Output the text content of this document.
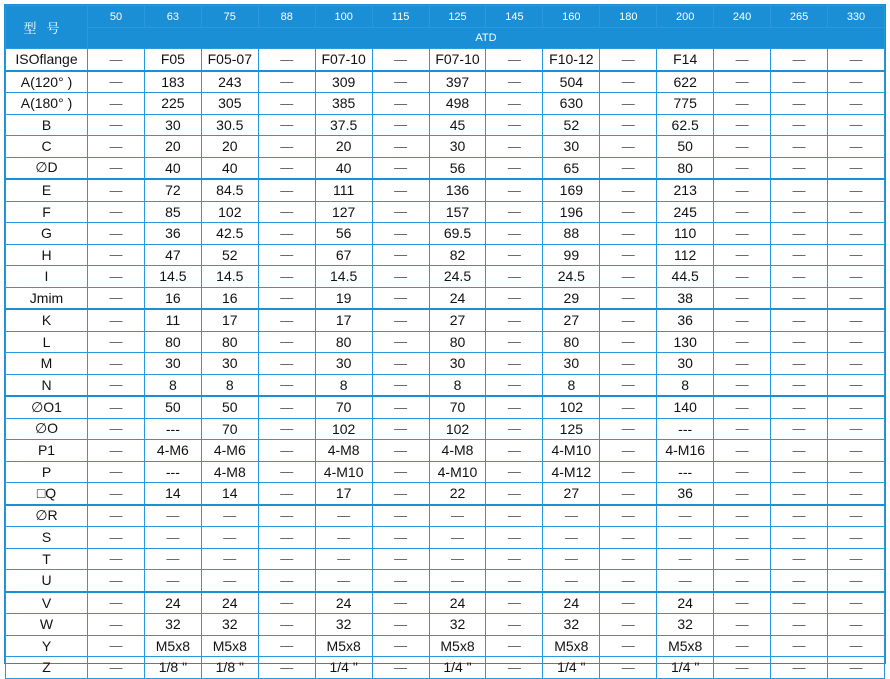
型号	50	63	75	88	100	115	125	145	160	180	200	240	265	330
	ATD													
ISOflange	—	F05	F05-07	—	F07-10	—	F07-10	—	F10-12	—	F14	—	—	—
A(120° )	—	183	243	—	309	—	397	—	504	—	622	—	—	—
A(180° )	—	225	305	—	385	—	498	—	630	—	775	—	—	—
B	—	30	30.5	—	37.5	—	45	—	52	—	62.5	—	—	—
C	—	20	20	—	20	—	30	—	30	—	50	—	—	—
∅D	—	40	40	—	40	—	56	—	65	—	80	—	—	—
E	—	72	84.5	—	111	—	136	—	169	—	213	—	—	—
F	—	85	102	—	127	—	157	—	196	—	245	—	—	—
G	—	36	42.5	—	56	—	69.5	—	88	—	110	—	—	—
H	—	47	52	—	67	—	82	—	99	—	112	—	—	—
I	—	14.5	14.5	—	14.5	—	24.5	—	24.5	—	44.5	—	—	—
Jmim	—	16	16	—	19	—	24	—	29	—	38	—	—	—
K	—	11	17	—	17	—	27	—	27	—	36	—	—	—
L	—	80	80	—	80	—	80	—	80	—	130	—	—	—
M	—	30	30	—	30	—	30	—	30	—	30	—	—	—
N	—	8	8	—	8	—	8	—	8	—	8	—	—	—
∅O1	—	50	50	—	70	—	70	—	102	—	140	—	—	—
∅O	—	---	70	—	102	—	102	—	125	—	---	—	—	—
P1	—	4-M6	4-M6	—	4-M8	—	4-M8	—	4-M10	—	4-M16	—	—	—
P	—	---	4-M8	—	4-M10	—	4-M10	—	4-M12	—	---	—	—	—
□Q	—	14	14	—	17	—	22	—	27	—	36	—	—	—
∅R	—	—	—	—	—	—	—	—	—	—	—	—	—	—
S	—	—	—	—	—	—	—	—	—	—	—	—	—	—
T	—	—	—	—	—	—	—	—	—	—	—	—	—	—
U	—	—	—	—	—	—	—	—	—	—	—	—	—	—
V	—	24	24	—	24	—	24	—	24	—	24	—	—	—
W	—	32	32	—	32	—	32	—	32	—	32	—	—	—
Y	—	M5x8	M5x8	—	M5x8	—	M5x8	—	M5x8	—	M5x8	—	—	—
Z	—	1/8 "	1/8 "	—	1/4 "	—	1/4 "	—	1/4 "	—	1/4 "	—	—	—
